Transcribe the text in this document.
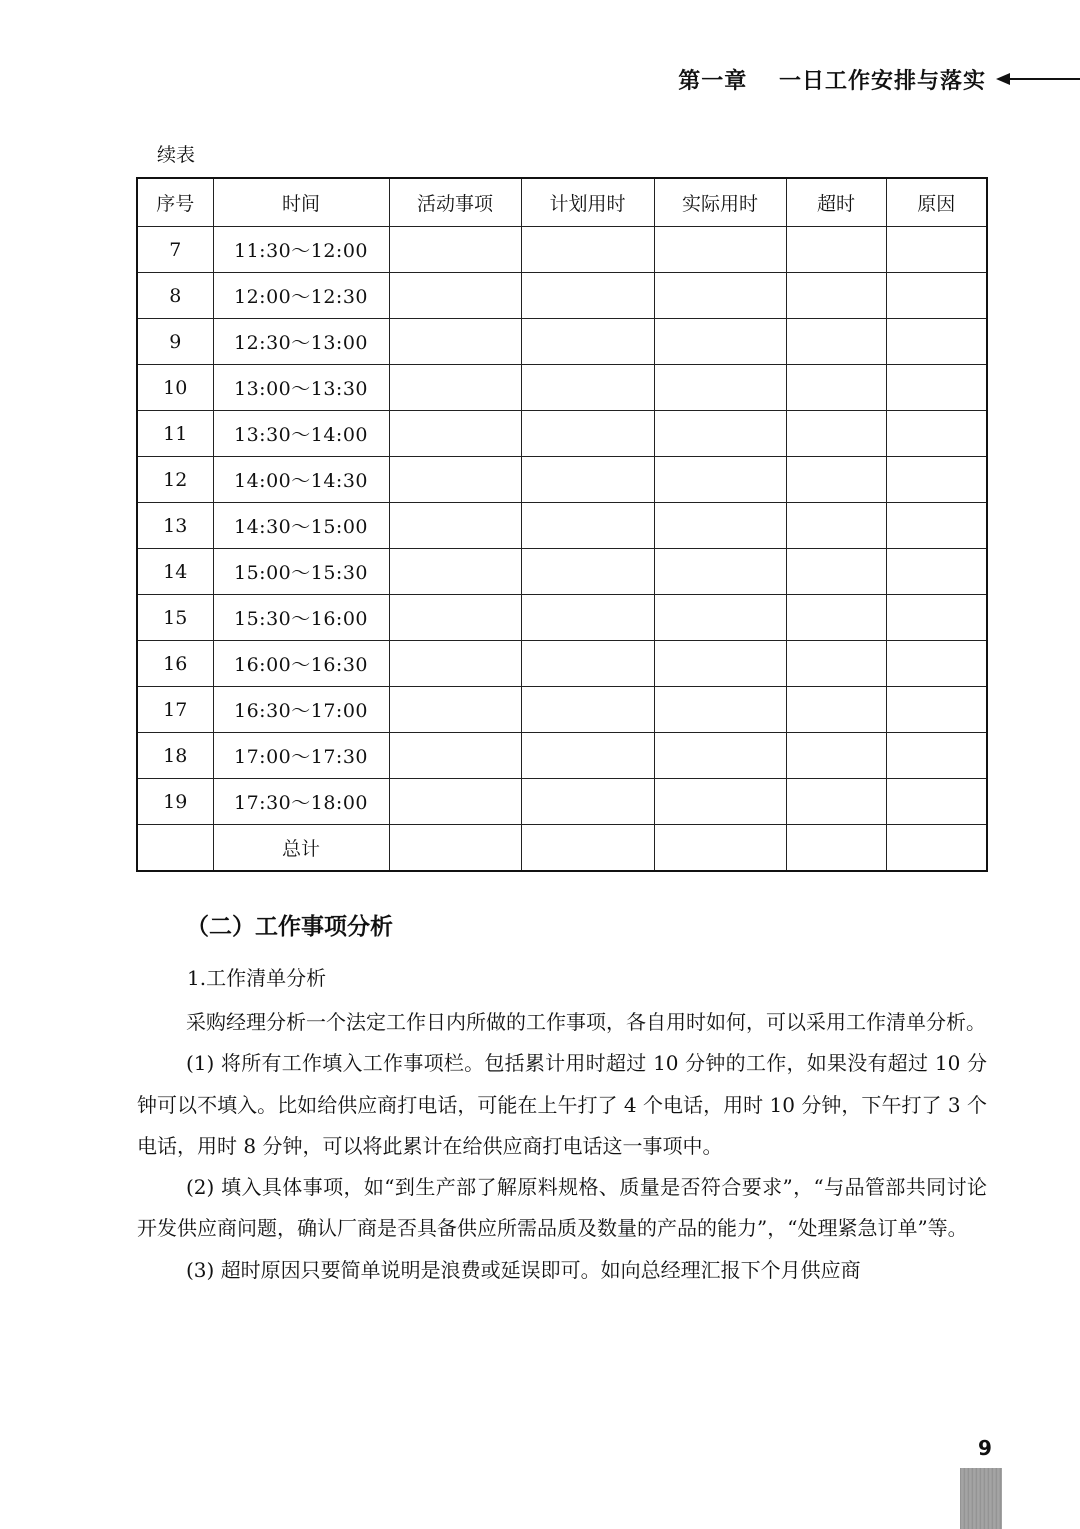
第一章　 一日工作安排与落实
续表
序号	时间	活动事项	计划用时	实际用时	超时	原因
7	11:30～12:00					
8	12:00～12:30					
9	12:30～13:00					
10	13:00～13:30					
11	13:30～14:00					
12	14:00～14:30					
13	14:30～15:00					
14	15:00～15:30					
15	15:30～16:00					
16	16:00～16:30					
17	16:30～17:00					
18	17:00～17:30					
19	17:30～18:00					
	总计					
（二）工作事项分析
1.工作清单分析

采购经理分析一个法定工作日内所做的工作事项，各自用时如何，可以采用工作清单分析。

(1) 将所有工作填入工作事项栏。包括累计用时超过 10 分钟的工作，如果没有超过 10 分钟可以不填入。比如给供应商打电话，可能在上午打了 4 个电话，用时 10 分钟，下午打了 3 个电话，用时 8 分钟，可以将此累计在给供应商打电话这一事项中。

(2) 填入具体事项，如“到生产部了解原料规格、质量是否符合要求”，“与品管部共同讨论开发供应商问题，确认厂商是否具备供应所需品质及数量的产品的能力”，“处理紧急订单”等。

(3) 超时原因只要简单说明是浪费或延误即可。如向总经理汇报下个月供应商

9
